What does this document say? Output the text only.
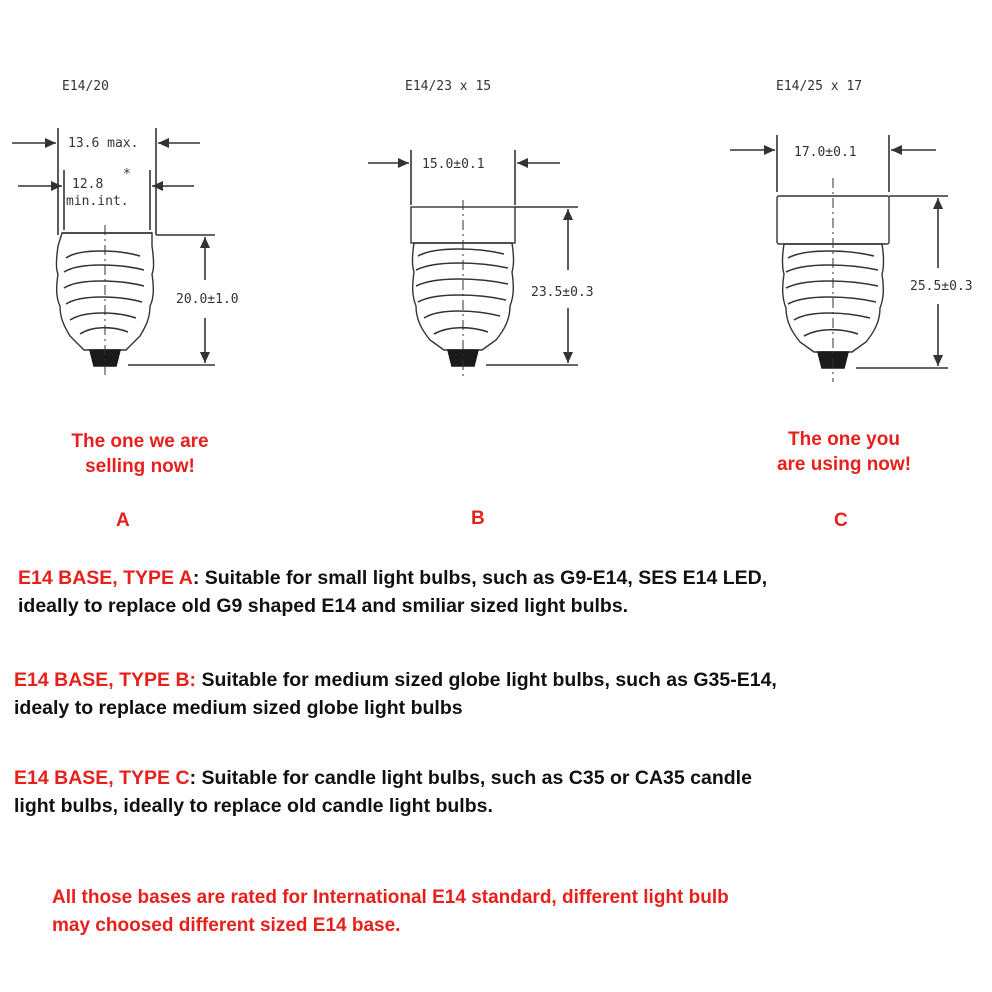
E14/20
13.6 max.
12.8
*
min.int.
20.0±1.0
E14/23 x 15
15.0±0.1
23.5±0.3
E14/25 x 17
17.0±0.1
25.5±0.3
The one we are
selling now!
The one you
are using now!
A	B	C
E14 BASE, TYPE A: Suitable for small light bulbs, such as G9-E14, SES E14 LED,
ideally to replace old G9 shaped E14 and smiliar sized light bulbs.
E14 BASE, TYPE B: Suitable for medium sized globe light bulbs, such as G35-E14,
idealy to replace medium sized globe light bulbs
E14 BASE, TYPE C: Suitable for candle light bulbs, such as C35 or CA35 candle
light bulbs, ideally to replace old candle light bulbs.
All those bases are rated for International E14 standard, different light bulb
may choosed different sized E14 base.
